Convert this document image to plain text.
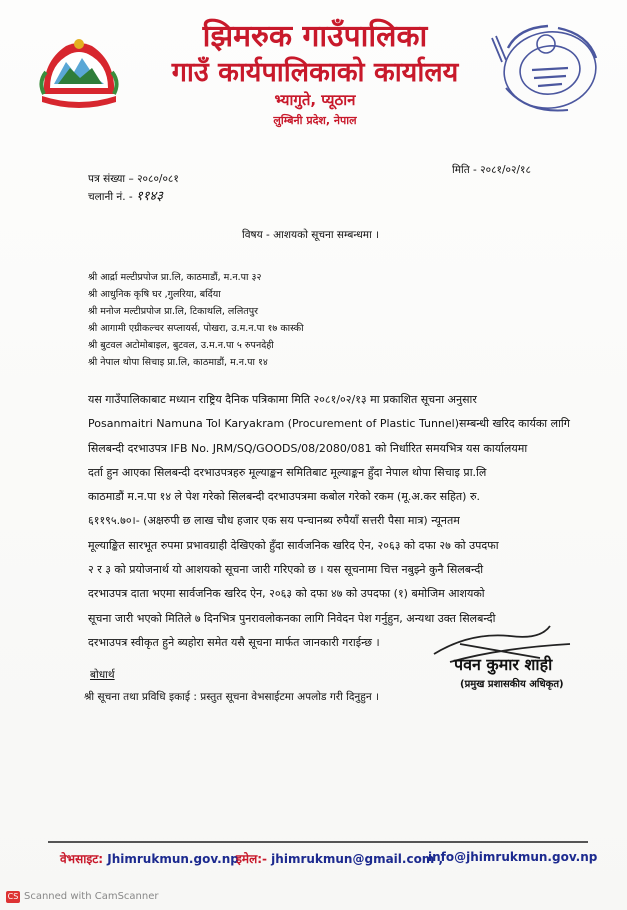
झिमरुक गाउँपालिका
गाउँ कार्यपालिकाको कार्यालय
भ्यागुते, प्यूठान
लुम्बिनी प्रदेश, नेपाल
पत्र संख्या – २०८०/०८१
चलानी नं. - ११४३
मिति - २०८१/०२/१८
विषय - आशयको सूचना सम्बन्धमा ।
श्री आर्द्रा मल्टीप्रपोज प्रा.लि, काठमाडौं, म.न.पा ३२
श्री आधुनिक कृषि घर ,गुलरिया, बर्दिया
श्री मनोज मल्टीप्रपोज प्रा.लि, टिकाथलि, ललितपुर
श्री आगामी एग्रीकल्चर सप्लायर्स, पोखरा, उ.म.न.पा १७ कास्की
श्री बुटवल अटोमोबाइल, बुटवल, उ.म.न.पा ५ रुपनदेही
श्री नेपाल थोपा सिचाइ प्रा.लि, काठमाडौं, म.न.पा १४

यस गाउँपालिकाबाट मध्यान राष्ट्रिय दैनिक पत्रिकामा मिति २०८१/०२/१३ मा प्रकाशित सूचना अनुसार

Posanmaitri Namuna Tol Karyakram (Procurement of Plastic Tunnel)सम्बन्धी खरिद कार्यका लागि

सिलबन्दी दरभाउपत्र IFB No. JRM/SQ/GOODS/08/2080/081 को निर्धारित समयभित्र यस कार्यालयमा

दर्ता हुन आएका सिलबन्दी दरभाउपत्रहरु मूल्याङ्कन समितिबाट मूल्याङ्कन हुँदा नेपाल थोपा सिचाइ प्रा.लि

काठमाडौं म.न.पा १४ ले पेश गरेको सिलबन्दी दरभाउपत्रमा कबोल गरेको रकम (मू.अ.कर सहित) रु.

६११९५.७०।- (अक्षरुपी छ लाख चौध हजार एक सय पन्चानब्य रुपैयाँ सत्तरी पैसा मात्र) न्यूनतम

मूल्याङ्कित सारभूत रुपमा प्रभावग्राही देखिएको हुँदा सार्वजनिक खरिद ऐन, २०६३ को दफा २७ को उपदफा

२ र ३ को प्रयोजनार्थ यो आशयको सूचना जारी गरिएको छ । यस सूचनामा चित्त नबुझ्ने कुनै सिलबन्दी

दरभाउपत्र दाता भएमा सार्वजनिक खरिद ऐन, २०६३ को दफा ४७ को उपदफा (१) बमोजिम आशयको

सूचना जारी भएको मितिले ७ दिनभित्र पुनरावलोकनका लागि निवेदन पेश गर्नुहुन, अन्यथा उक्त सिलबन्दी

दरभाउपत्र स्वीकृत हुने ब्यहोरा समेत यसै सूचना मार्फत जानकारी गराईन्छ ।

पवन कुमार शाही
(प्रमुख प्रशासकीय अधिकृत)
बोधार्थ
श्री सूचना तथा प्रविधि इकाई : प्रस्तुत सूचना वेभसाईटमा अपलोड गरी दिनुहुन ।
वेभसाइट: Jhimrukmun.gov.np
इमेल:- jhimrukmun@gmail.com ,
info@jhimrukmun.gov.np
CS Scanned with CamScanner
